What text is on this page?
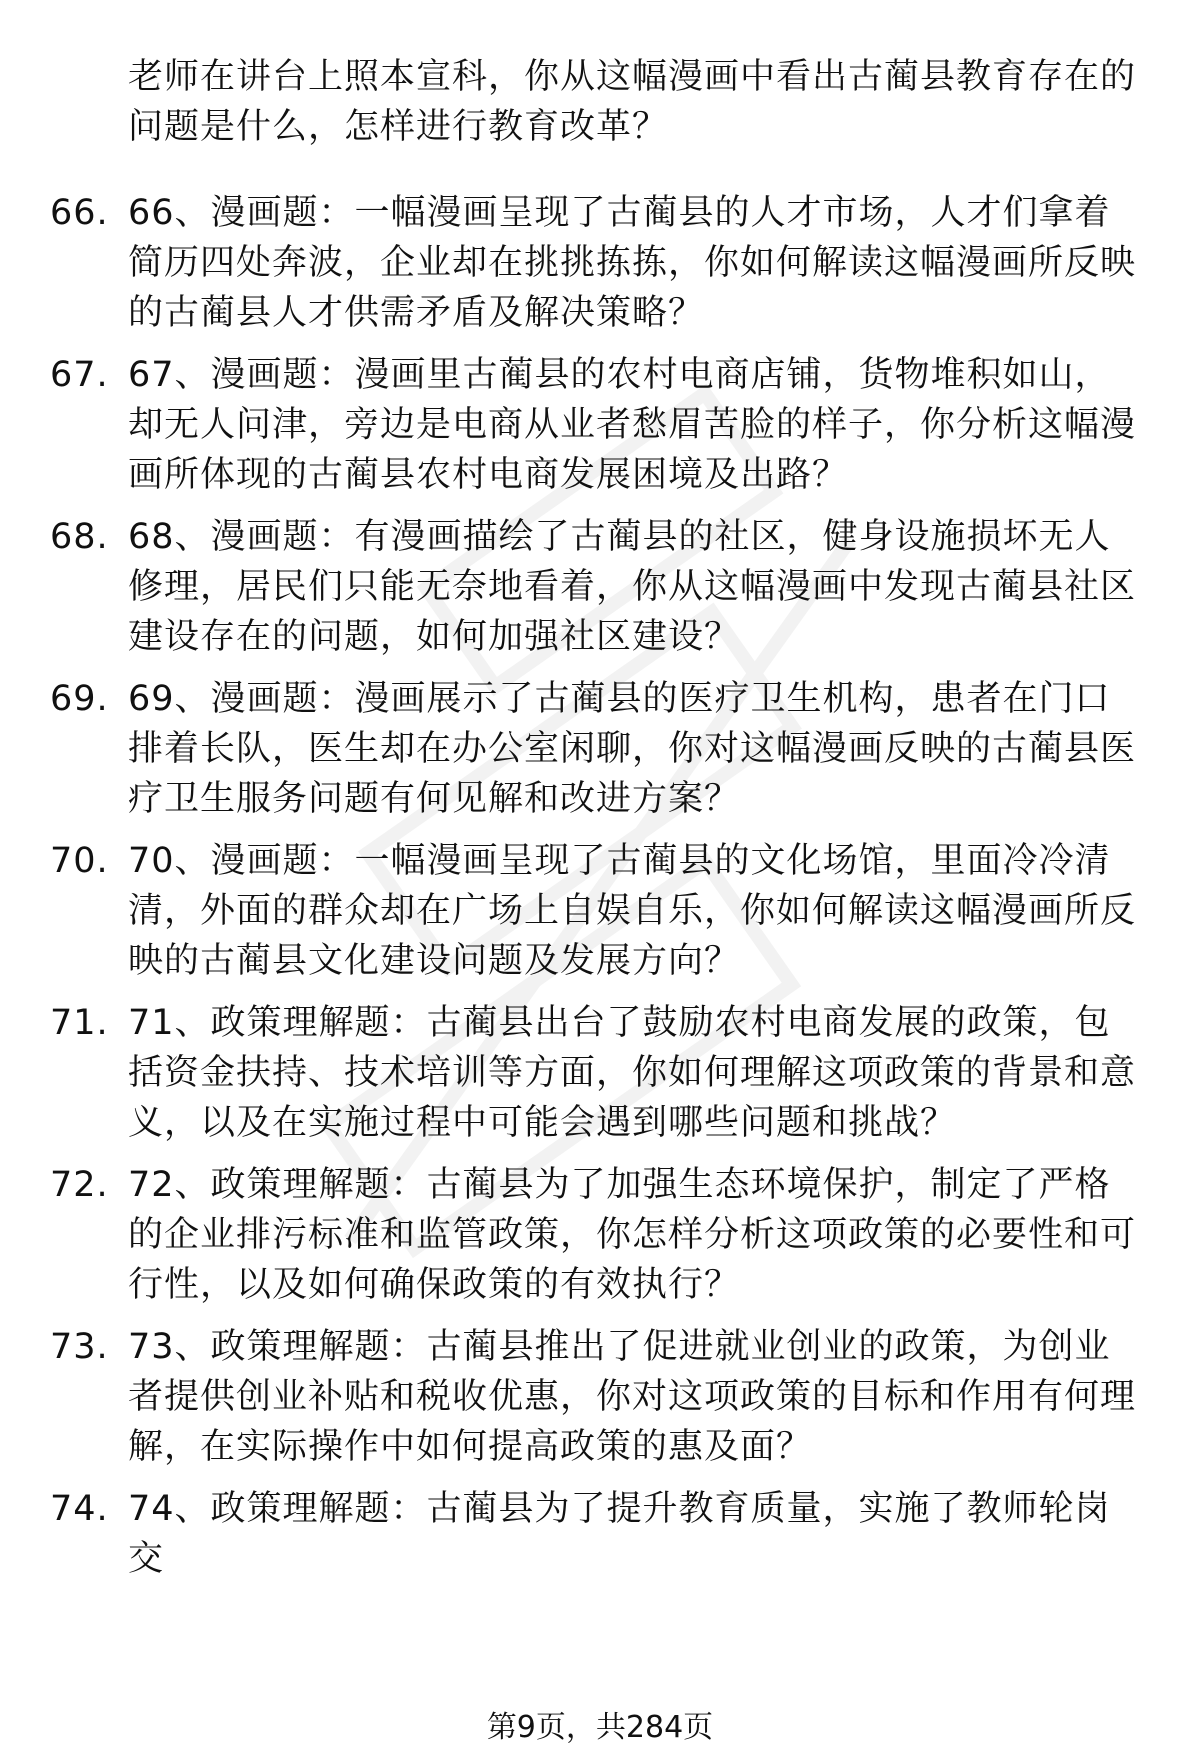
老师在讲台上照本宣科，你从这幅漫画中看出古蔺县教育存在的问题是什么，怎样进行教育改革？
66. 66、漫画题：一幅漫画呈现了古蔺县的人才市场，人才们拿着简历四处奔波，企业却在挑挑拣拣，你如何解读这幅漫画所反映的古蔺县人才供需矛盾及解决策略？
67. 67、漫画题：漫画里古蔺县的农村电商店铺，货物堆积如山，却无人问津，旁边是电商从业者愁眉苦脸的样子，你分析这幅漫画所体现的古蔺县农村电商发展困境及出路？
68. 68、漫画题：有漫画描绘了古蔺县的社区，健身设施损坏无人修理，居民们只能无奈地看着，你从这幅漫画中发现古蔺县社区建设存在的问题，如何加强社区建设？
69. 69、漫画题：漫画展示了古蔺县的医疗卫生机构，患者在门口排着长队，医生却在办公室闲聊，你对这幅漫画反映的古蔺县医疗卫生服务问题有何见解和改进方案？
70. 70、漫画题：一幅漫画呈现了古蔺县的文化场馆，里面冷冷清清，外面的群众却在广场上自娱自乐，你如何解读这幅漫画所反映的古蔺县文化建设问题及发展方向？
71. 71、政策理解题：古蔺县出台了鼓励农村电商发展的政策，包括资金扶持、技术培训等方面，你如何理解这项政策的背景和意义，以及在实施过程中可能会遇到哪些问题和挑战？
72. 72、政策理解题：古蔺县为了加强生态环境保护，制定了严格的企业排污标准和监管政策，你怎样分析这项政策的必要性和可行性，以及如何确保政策的有效执行？
73. 73、政策理解题：古蔺县推出了促进就业创业的政策，为创业者提供创业补贴和税收优惠，你对这项政策的目标和作用有何理解，在实际操作中如何提高政策的惠及面？
74. 74、政策理解题：古蔺县为了提升教育质量，实施了教师轮岗交
第9页，共284页
